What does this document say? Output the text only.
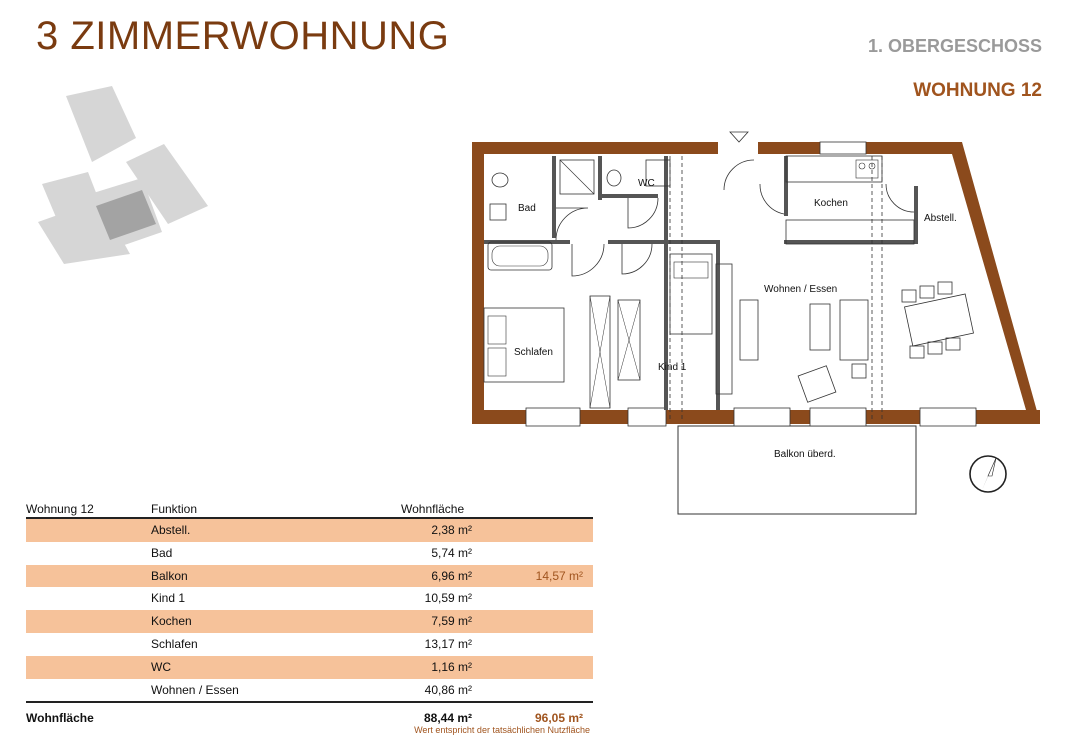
3 ZIMMERWOHNUNG	1. OBERGESCHOSS
WOHNUNG 12
Bad
WC
Kochen
Abstell.
Wohnen / Essen
Schlafen
Kind 1
Balkon überd.
Wohnung 12	Funktion	Wohnfläche
Abstell.	2,38 m²
Bad	5,74 m²
Balkon	6,96 m²	14,57 m²
Kind 1	10,59 m²
Kochen	7,59 m²
Schlafen	13,17 m²
WC	1,16 m²
Wohnen / Essen	40,86 m²
Wohnfläche	88,44 m²	96,05 m²
Wert entspricht der tatsächlichen Nutzfläche
